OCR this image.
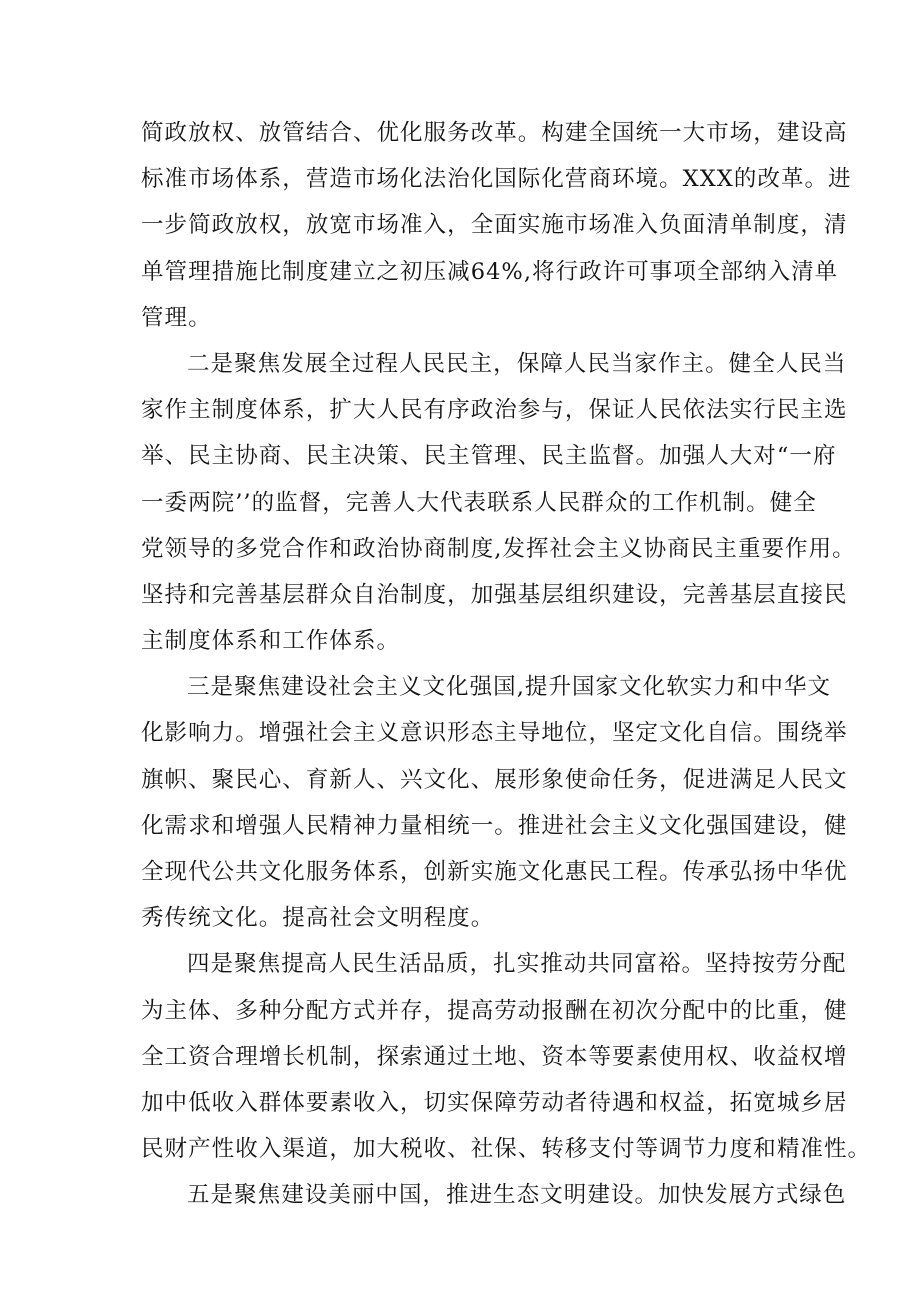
简政放权、放管结合、优化服务改革。构建全国统一大市场，建设高
标准市场体系，营造市场化法治化国际化营商环境。XXX的改革。进
一步简政放权，放宽市场准入，全面实施市场准入负面清单制度，清
单管理措施比制度建立之初压减64%,将行政许可事项全部纳入清单
管理。
二是聚焦发展全过程人民民主，保障人民当家作主。健全人民当
家作主制度体系，扩大人民有序政治参与，保证人民依法实行民主选
举、民主协商、民主决策、民主管理、民主监督。加强人大对“一府
一委两院’’的监督，完善人大代表联系人民群众的工作机制。健全
党领导的多党合作和政治协商制度,发挥社会主义协商民主重要作用。
坚持和完善基层群众自治制度，加强基层组织建设，完善基层直接民
主制度体系和工作体系。
三是聚焦建设社会主义文化强国,提升国家文化软实力和中华文
化影响力。增强社会主义意识形态主导地位，坚定文化自信。围绕举
旗帜、聚民心、育新人、兴文化、展形象使命任务，促进满足人民文
化需求和增强人民精神力量相统一。推进社会主义文化强国建设，健
全现代公共文化服务体系，创新实施文化惠民工程。传承弘扬中华优
秀传统文化。提高社会文明程度。
四是聚焦提高人民生活品质，扎实推动共同富裕。坚持按劳分配
为主体、多种分配方式并存，提高劳动报酬在初次分配中的比重，健
全工资合理增长机制，探索通过土地、资本等要素使用权、收益权增
加中低收入群体要素收入，切实保障劳动者待遇和权益，拓宽城乡居
民财产性收入渠道，加大税收、社保、转移支付等调节力度和精准性。
五是聚焦建设美丽中国，推进生态文明建设。加快发展方式绿色
